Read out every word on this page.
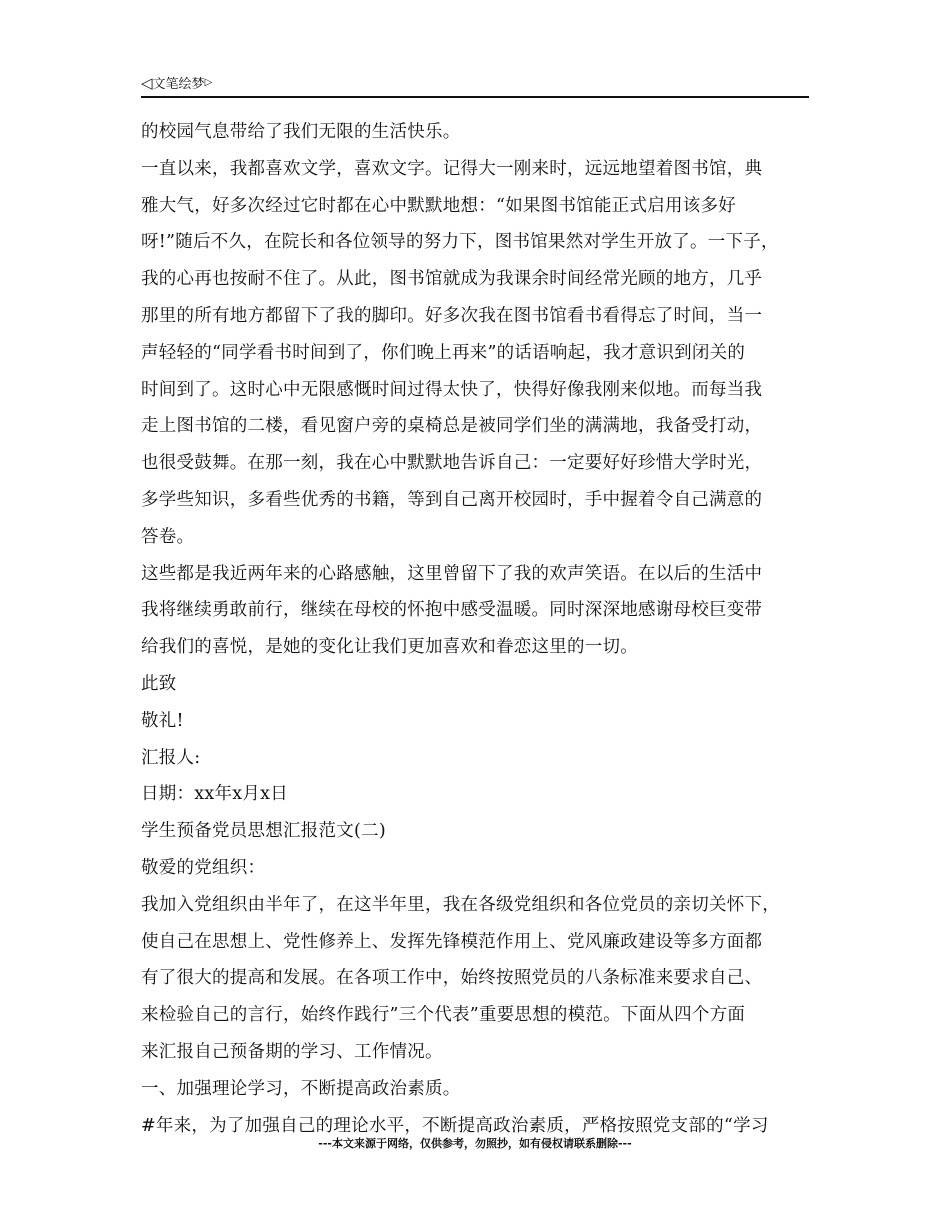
◁文笔绘梦▷
的校园气息带给了我们无限的生活快乐。
一直以来，我都喜欢文学，喜欢文字。记得大一刚来时，远远地望着图书馆，典
雅大气，好多次经过它时都在心中默默地想：“如果图书馆能正式启用该多好
呀!”随后不久，在院长和各位领导的努力下，图书馆果然对学生开放了。一下子，
我的心再也按耐不住了。从此，图书馆就成为我课余时间经常光顾的地方，几乎
那里的所有地方都留下了我的脚印。好多次我在图书馆看书看得忘了时间，当一
声轻轻的“同学看书时间到了，你们晚上再来”的话语响起，我才意识到闭关的
时间到了。这时心中无限感慨时间过得太快了，快得好像我刚来似地。而每当我
走上图书馆的二楼，看见窗户旁的桌椅总是被同学们坐的满满地，我备受打动，
也很受鼓舞。在那一刻，我在心中默默地告诉自己：一定要好好珍惜大学时光，
多学些知识，多看些优秀的书籍，等到自己离开校园时，手中握着令自己满意的
答卷。
这些都是我近两年来的心路感触，这里曾留下了我的欢声笑语。在以后的生活中
我将继续勇敢前行，继续在母校的怀抱中感受温暖。同时深深地感谢母校巨变带
给我们的喜悦，是她的变化让我们更加喜欢和眷恋这里的一切。
此致
敬礼!
汇报人:
日期：xx年x月x日
学生预备党员思想汇报范文(二)
敬爱的党组织：
我加入党组织由半年了，在这半年里，我在各级党组织和各位党员的亲切关怀下，
使自己在思想上、党性修养上、发挥先锋模范作用上、党风廉政建设等多方面都
有了很大的提高和发展。在各项工作中，始终按照党员的八条标准来要求自己、
来检验自己的言行，始终作践行”三个代表”重要思想的模范。下面从四个方面
来汇报自己预备期的学习、工作情况。
一、加强理论学习，不断提高政治素质。
#年来，为了加强自己的理论水平，不断提高政治素质，严格按照党支部的“学习
---本文来源于网络，仅供参考，勿照抄，如有侵权请联系删除---
